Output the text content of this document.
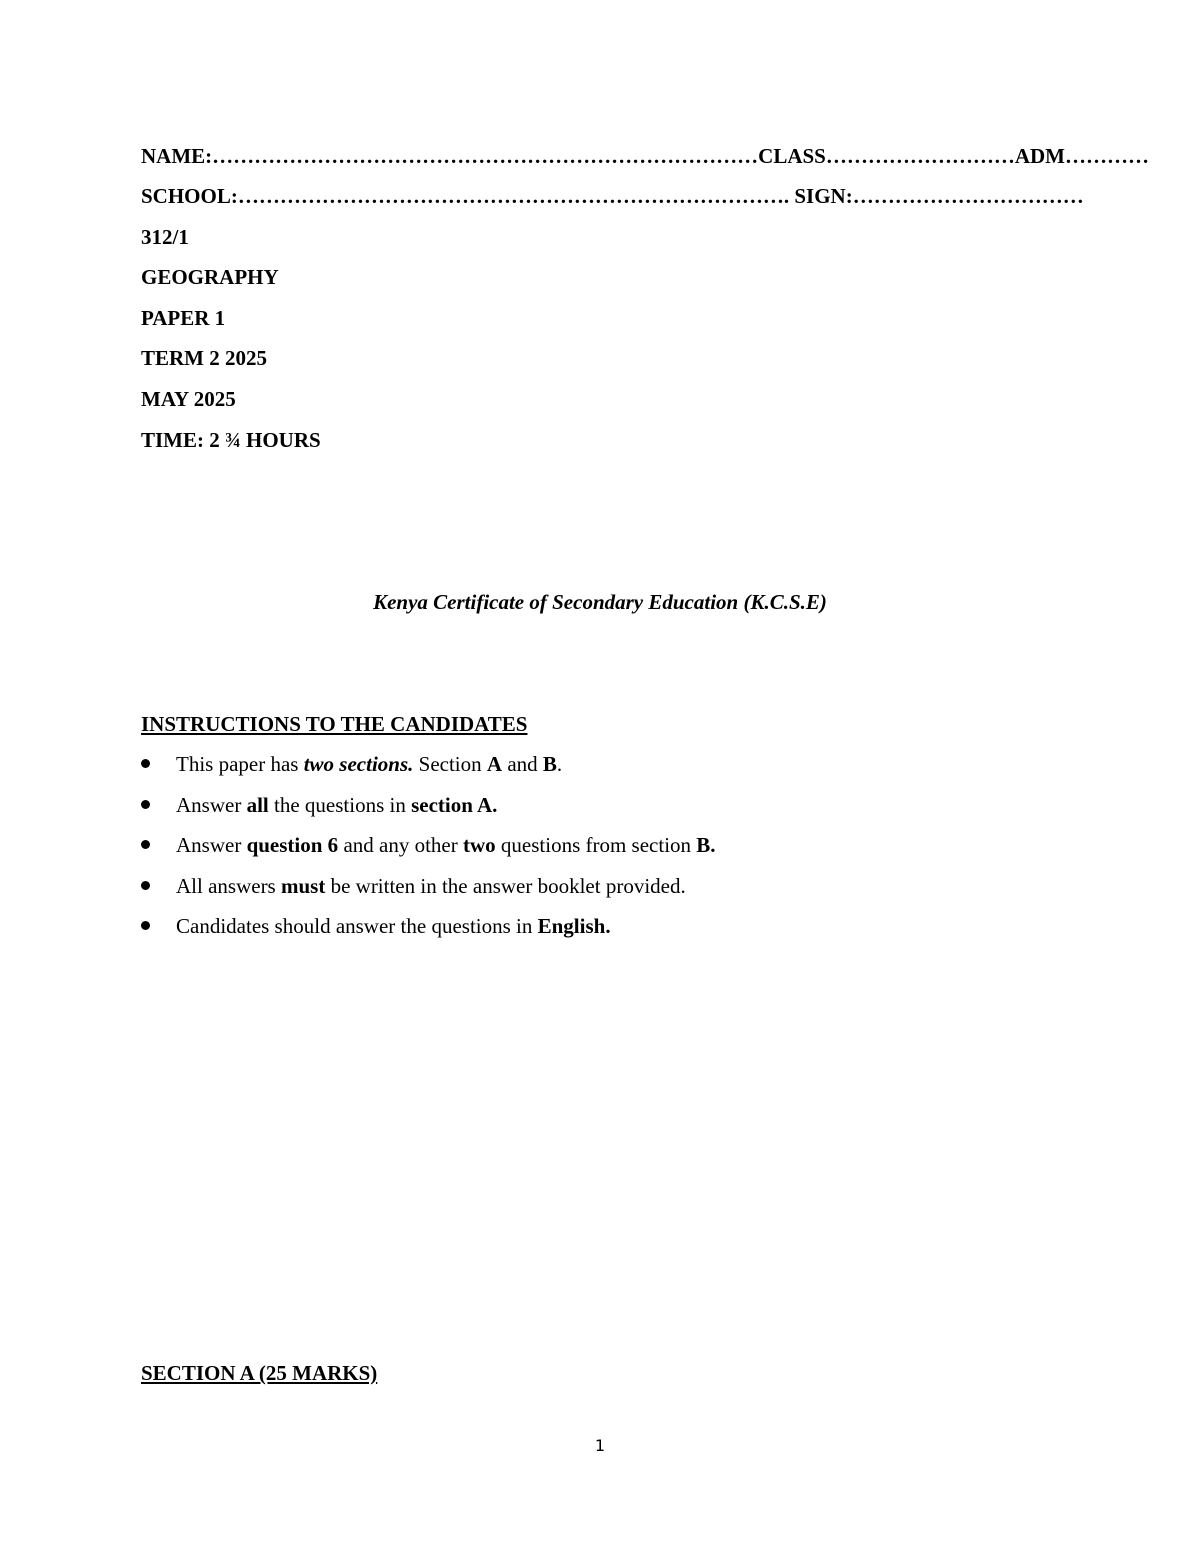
NAME:……………………………………………………………………CLASS………………………ADM…………
SCHOOL:……………………………………………………………………. SIGN:……………………………
312/1
GEOGRAPHY
PAPER 1
TERM 2 2025
MAY 2025
TIME: 2 ¾ HOURS
Kenya Certificate of Secondary Education (K.C.S.E)
INSTRUCTIONS TO THE CANDIDATES
This paper has two sections. Section A and B.
Answer all the questions in section A.
Answer question 6 and any other two questions from section B.
All answers must be written in the answer booklet provided.
Candidates should answer the questions in English.
SECTION A (25 MARKS)
1
